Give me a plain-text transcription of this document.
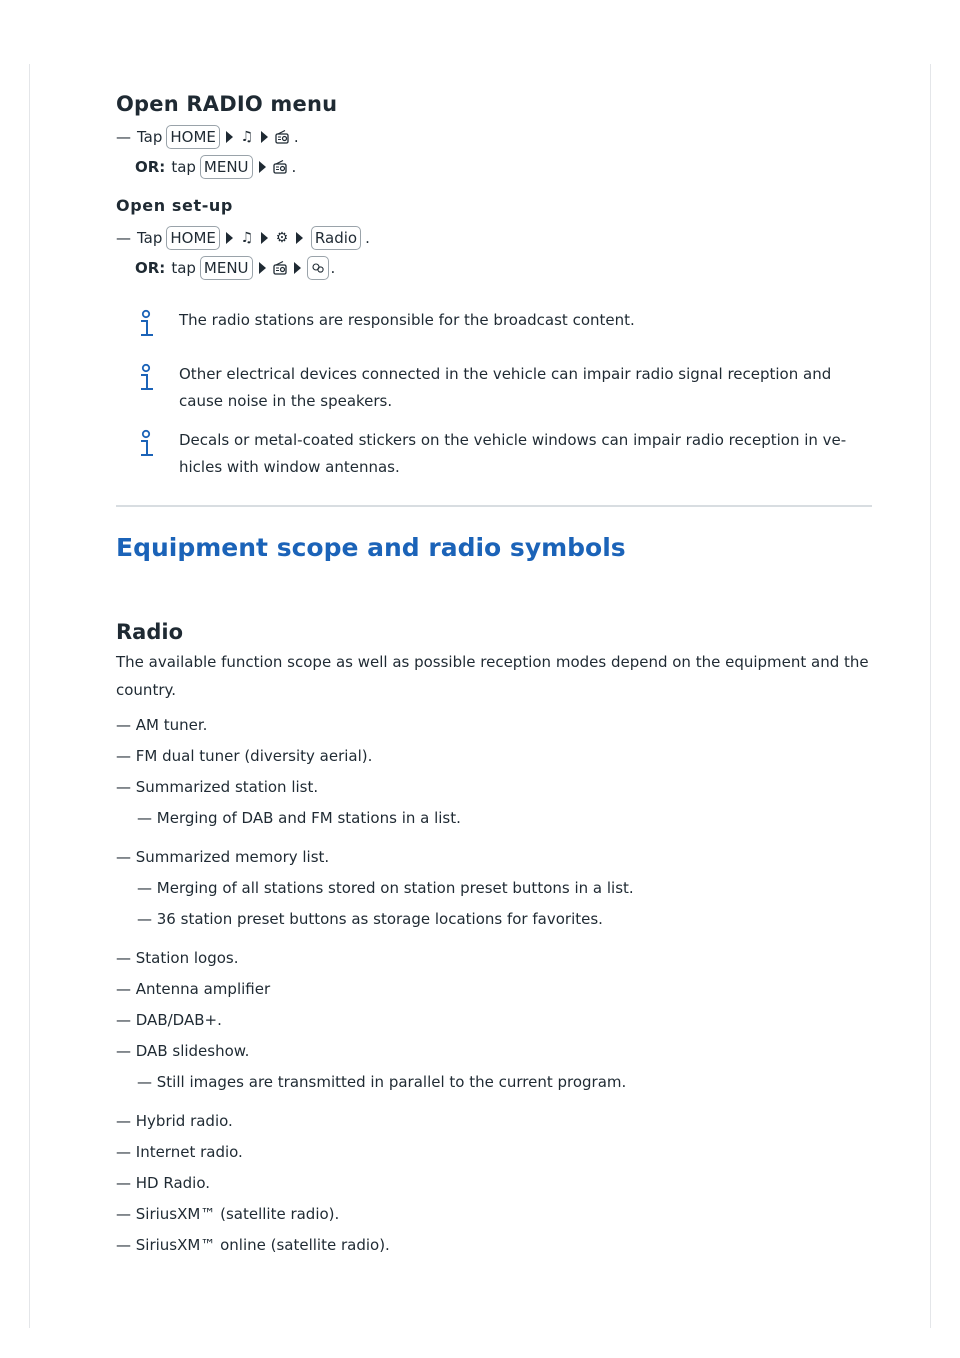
Open RADIO menu
— Tap HOME ♫	.
OR: tap MENU	.
Open set-up
— Tap HOME ♫ ⚙ Radio .
OR: tap MENU	.
The radio stations are responsible for the broadcast content.
Other electrical devices connected in the vehicle can impair radio signal reception and cause noise in the speakers.
Decals or metal-coated stickers on the vehicle windows can impair radio reception in ve-hicles with window antennas.
Equipment scope and radio symbols
Radio

The available function scope as well as possible reception modes depend on the equipment and the country.

— AM tuner.
— FM dual tuner (diversity aerial).
— Summarized station list.
— Merging of DAB and FM stations in a list.
— Summarized memory list.
— Merging of all stations stored on station preset buttons in a list.
— 36 station preset buttons as storage locations for favorites.
— Station logos.
— Antenna amplifier
— DAB/DAB+.
— DAB slideshow.
— Still images are transmitted in parallel to the current program.
— Hybrid radio.
— Internet radio.
— HD Radio.
— SiriusXM™ (satellite radio).
— SiriusXM™ online (satellite radio).
